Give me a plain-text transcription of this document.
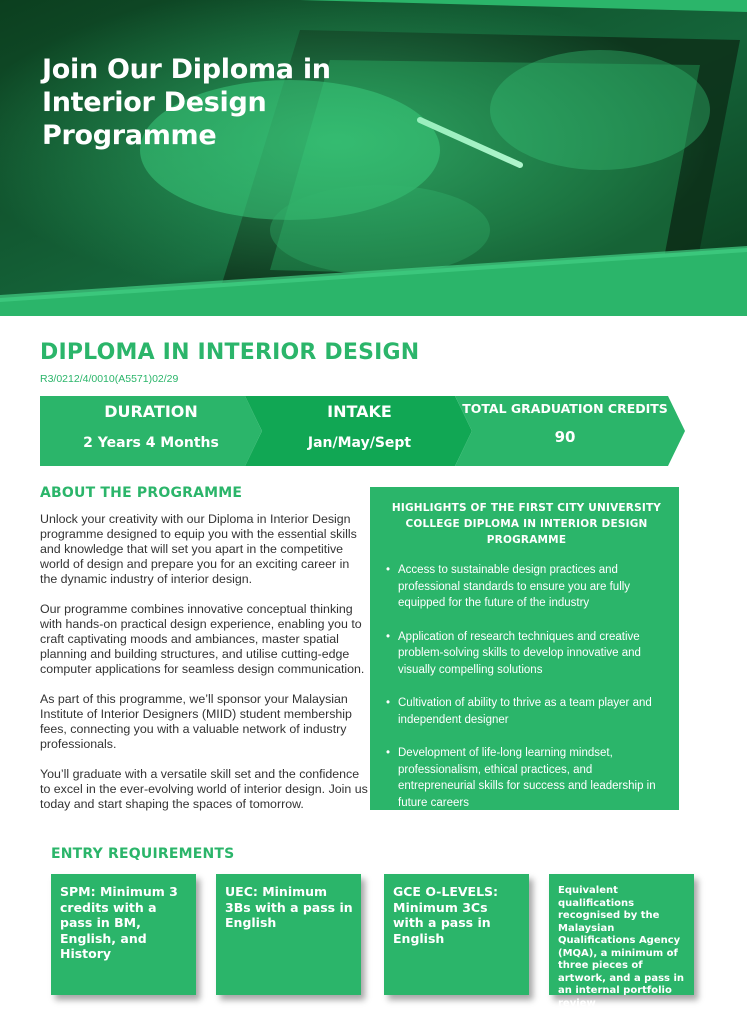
Join Our Diploma in Interior Design Programme
DIPLOMA IN INTERIOR DESIGN
R3/0212/4/0010(A5571)02/29
DURATION
2 Years 4 Months
INTAKE
Jan/May/Sept
TOTAL GRADUATION CREDITS
90
ABOUT THE PROGRAMME

Unlock your creativity with our Diploma in Interior Design programme designed to equip you with the essential skills and knowledge that will set you apart in the competitive world of design and prepare you for an exciting career in the dynamic industry of interior design.

Our programme combines innovative conceptual thinking with hands-on practical design experience, enabling you to craft captivating moods and ambiances, master spatial planning and building structures, and utilise cutting-edge computer applications for seamless design communication.

As part of this programme, we’ll sponsor your Malaysian Institute of Interior Designers (MIID) student membership fees, connecting you with a valuable network of industry professionals.

You’ll graduate with a versatile skill set and the confidence to excel in the ever-evolving world of interior design. Join us today and start shaping the spaces of tomorrow.

HIGHLIGHTS OF THE FIRST CITY UNIVERSITY COLLEGE DIPLOMA IN INTERIOR DESIGN PROGRAMME
• Access to sustainable design practices and professional standards to ensure you are fully equipped for the future of the industry
• Application of research techniques and creative problem-solving skills to develop innovative and visually compelling solutions
• Cultivation of ability to thrive as a team player and independent designer
• Development of life-long learning mindset, professionalism, ethical practices, and entrepreneurial skills for success and leadership in future careers
ENTRY REQUIREMENTS
SPM: Minimum 3 credits with a pass in BM, English, and History
UEC: Minimum 3Bs with a pass in English
GCE O-LEVELS: Minimum 3Cs with a pass in English
Equivalent qualifications recognised by the Malaysian Qualifications Agency (MQA), a minimum of three pieces of artwork, and a pass in an internal portfolio review
